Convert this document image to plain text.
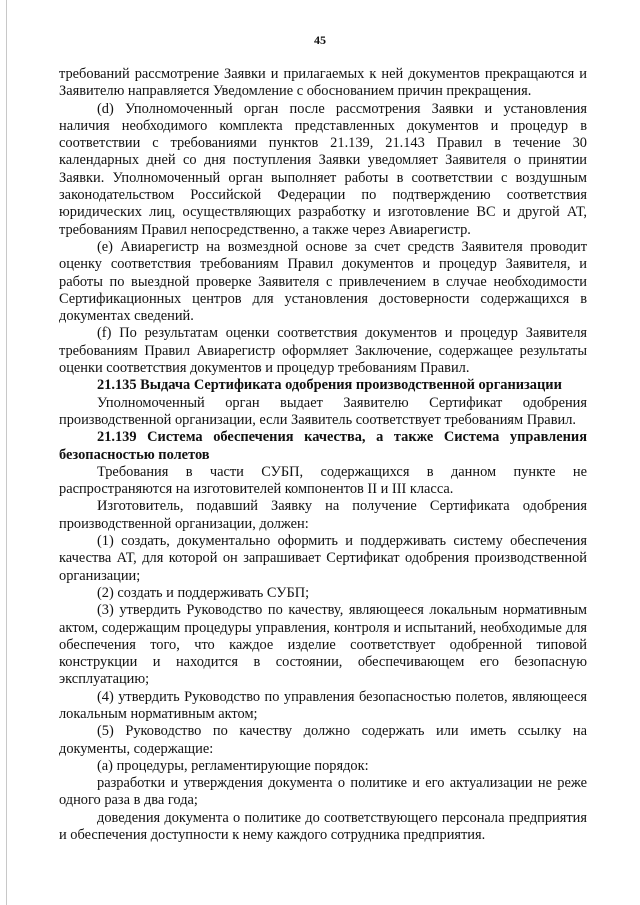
45

требований рассмотрение Заявки и прилагаемых к ней документов прекращаются и Заявителю направляется Уведомление с обоснованием причин прекращения.

(d) Уполномоченный орган после рассмотрения Заявки и установления наличия необходимого комплекта представленных документов и процедур в соответствии с требованиями пунктов 21.139, 21.143 Правил в течение 30 календарных дней со дня поступления Заявки уведомляет Заявителя о принятии Заявки. Уполномоченный орган выполняет работы в соответствии с воздушным законодательством Российской Федерации по подтверждению соответствия юридических лиц, осуществляющих разработку и изготовление ВС и другой АТ, требованиям Правил непосредственно, а также через Авиарегистр.

(e) Авиарегистр на возмездной основе за счет средств Заявителя проводит оценку соответствия требованиям Правил документов и процедур Заявителя, и работы по выездной проверке Заявителя с привлечением в случае необходимости Сертификационных центров для установления достоверности содержащихся в документах сведений.

(f) По результатам оценки соответствия документов и процедур Заявителя требованиям Правил Авиарегистр оформляет Заключение, содержащее результаты оценки соответствия документов и процедур требованиям Правил.

21.135 Выдача Сертификата одобрения производственной организации

Уполномоченный орган выдает Заявителю Сертификат одобрения производственной организации, если Заявитель соответствует требованиям Правил.

21.139 Система обеспечения качества, а также Система управления безопасностью полетов

Требования в части СУБП, содержащихся в данном пункте не распространяются на изготовителей компонентов II и III класса.

Изготовитель, подавший Заявку на получение Сертификата одобрения производственной организации, должен:

(1) создать, документально оформить и поддерживать систему обеспечения качества АТ, для которой он запрашивает Сертификат одобрения производственной организации;

(2) создать и поддерживать СУБП;

(3) утвердить Руководство по качеству, являющееся локальным нормативным актом, содержащим процедуры управления, контроля и испытаний, необходимые для обеспечения того, что каждое изделие соответствует одобренной типовой конструкции и находится в состоянии, обеспечивающем его безопасную эксплуатацию;

(4) утвердить Руководство по управления безопасностью полетов, являющееся локальным нормативным актом;

(5) Руководство по качеству должно содержать или иметь ссылку на документы, содержащие:

(a) процедуры, регламентирующие порядок:

разработки и утверждения документа о политике и его актуализации не реже одного раза в два года;

доведения документа о политике до соответствующего персонала предприятия и обеспечения доступности к нему каждого сотрудника предприятия.
